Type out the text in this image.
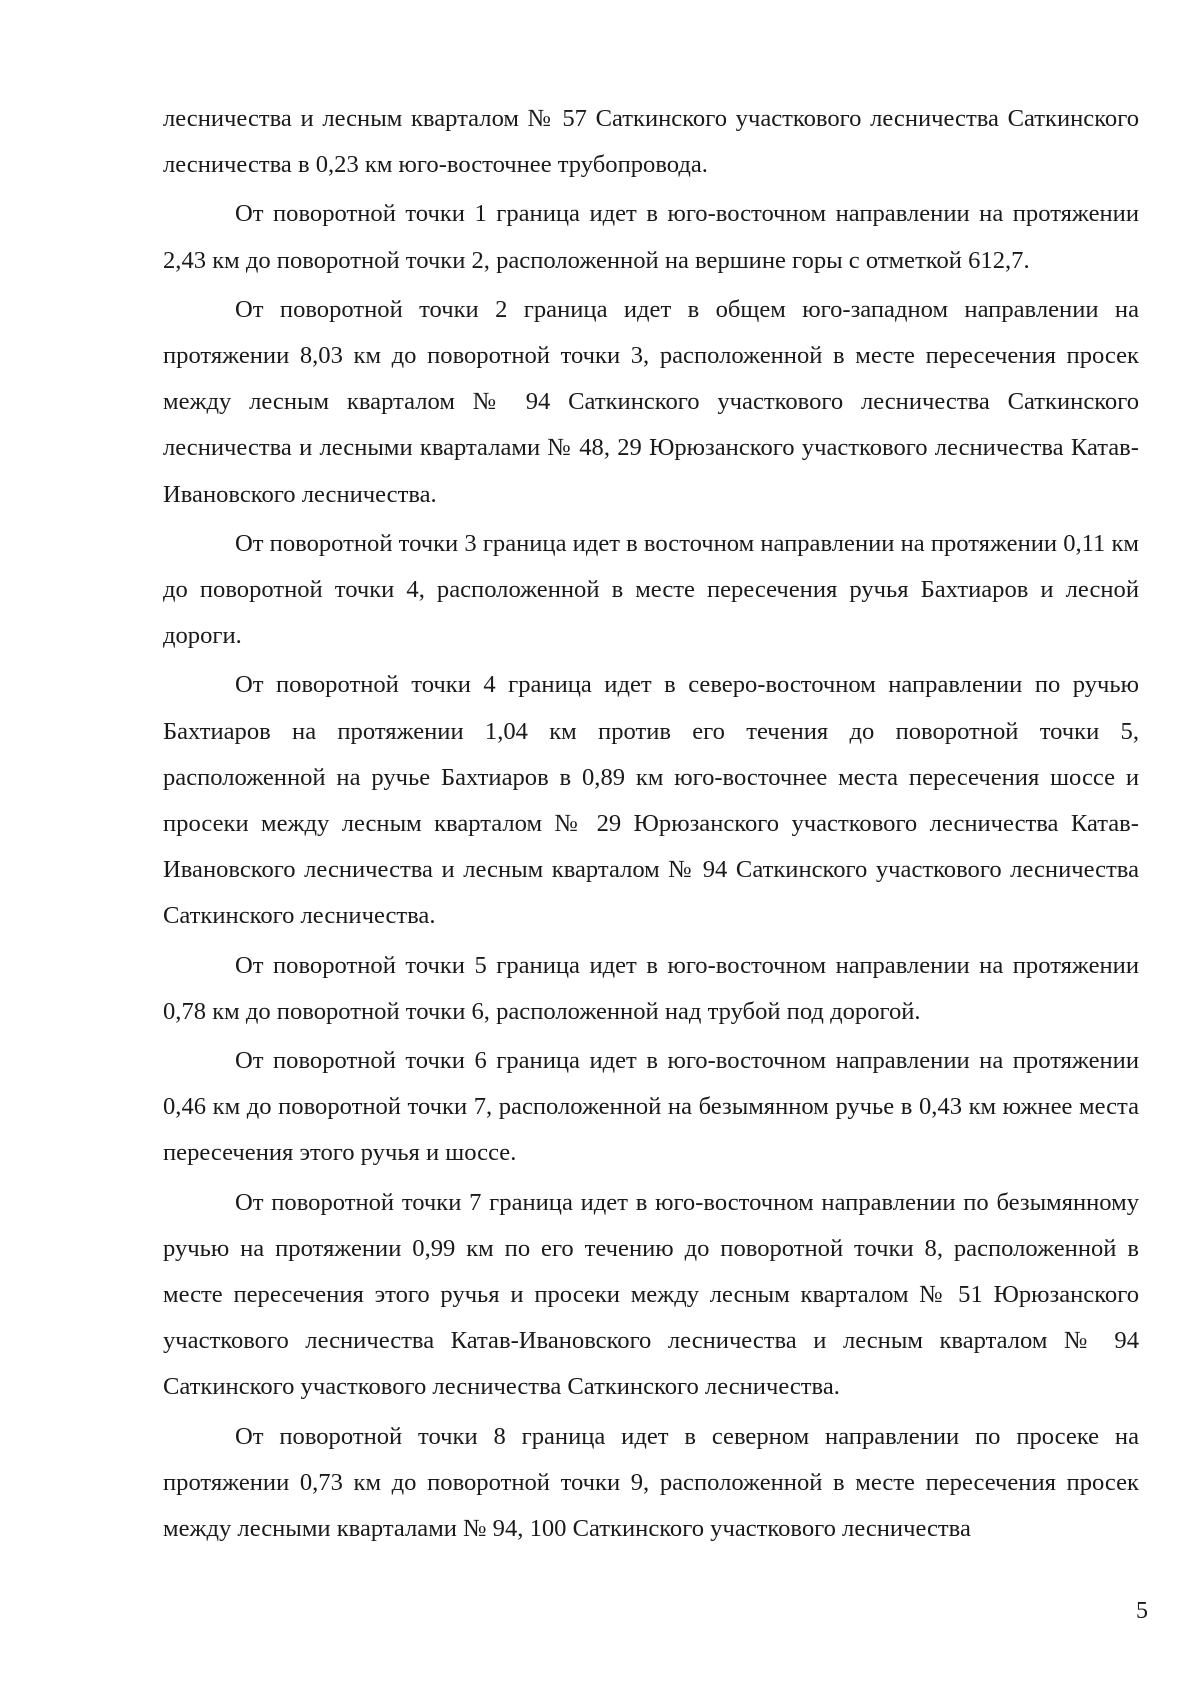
лесничества и лесным кварталом № 57 Саткинского участкового лесничества Саткинского лесничества в 0,23 км юго-восточнее трубопровода.

От поворотной точки 1 граница идет в юго-восточном направлении на протяжении 2,43 км до поворотной точки 2, расположенной на вершине горы с отметкой 612,7.

От поворотной точки 2 граница идет в общем юго-западном направлении на протяжении 8,03 км до поворотной точки 3, расположенной в месте пересечения просек между лесным кварталом № 94 Саткинского участкового лесничества Саткинского лесничества и лесными кварталами № 48, 29 Юрюзанского участкового лесничества Катав-Ивановского лесничества.

От поворотной точки 3 граница идет в восточном направлении на протяжении 0,11 км до поворотной точки 4, расположенной в месте пересечения ручья Бахтиаров и лесной дороги.

От поворотной точки 4 граница идет в северо-восточном направлении по ручью Бахтиаров на протяжении 1,04 км против его течения до поворотной точки 5, расположенной на ручье Бахтиаров в 0,89 км юго-восточнее места пересечения шоссе и просеки между лесным кварталом № 29 Юрюзанского участкового лесничества Катав-Ивановского лесничества и лесным кварталом № 94 Саткинского участкового лесничества Саткинского лесничества.

От поворотной точки 5 граница идет в юго-восточном направлении на протяжении 0,78 км до поворотной точки 6, расположенной над трубой под дорогой.

От поворотной точки 6 граница идет в юго-восточном направлении на протяжении 0,46 км до поворотной точки 7, расположенной на безымянном ручье в 0,43 км южнее места пересечения этого ручья и шоссе.

От поворотной точки 7 граница идет в юго-восточном направлении по безымянному ручью на протяжении 0,99 км по его течению до поворотной точки 8, расположенной в месте пересечения этого ручья и просеки между лесным кварталом № 51 Юрюзанского участкового лесничества Катав-Ивановского лесничества и лесным кварталом № 94 Саткинского участкового лесничества Саткинского лесничества.

От поворотной точки 8 граница идет в северном направлении по просеке на протяжении 0,73 км до поворотной точки 9, расположенной в месте пересечения просек между лесными кварталами № 94, 100 Саткинского участкового лесничества

5
